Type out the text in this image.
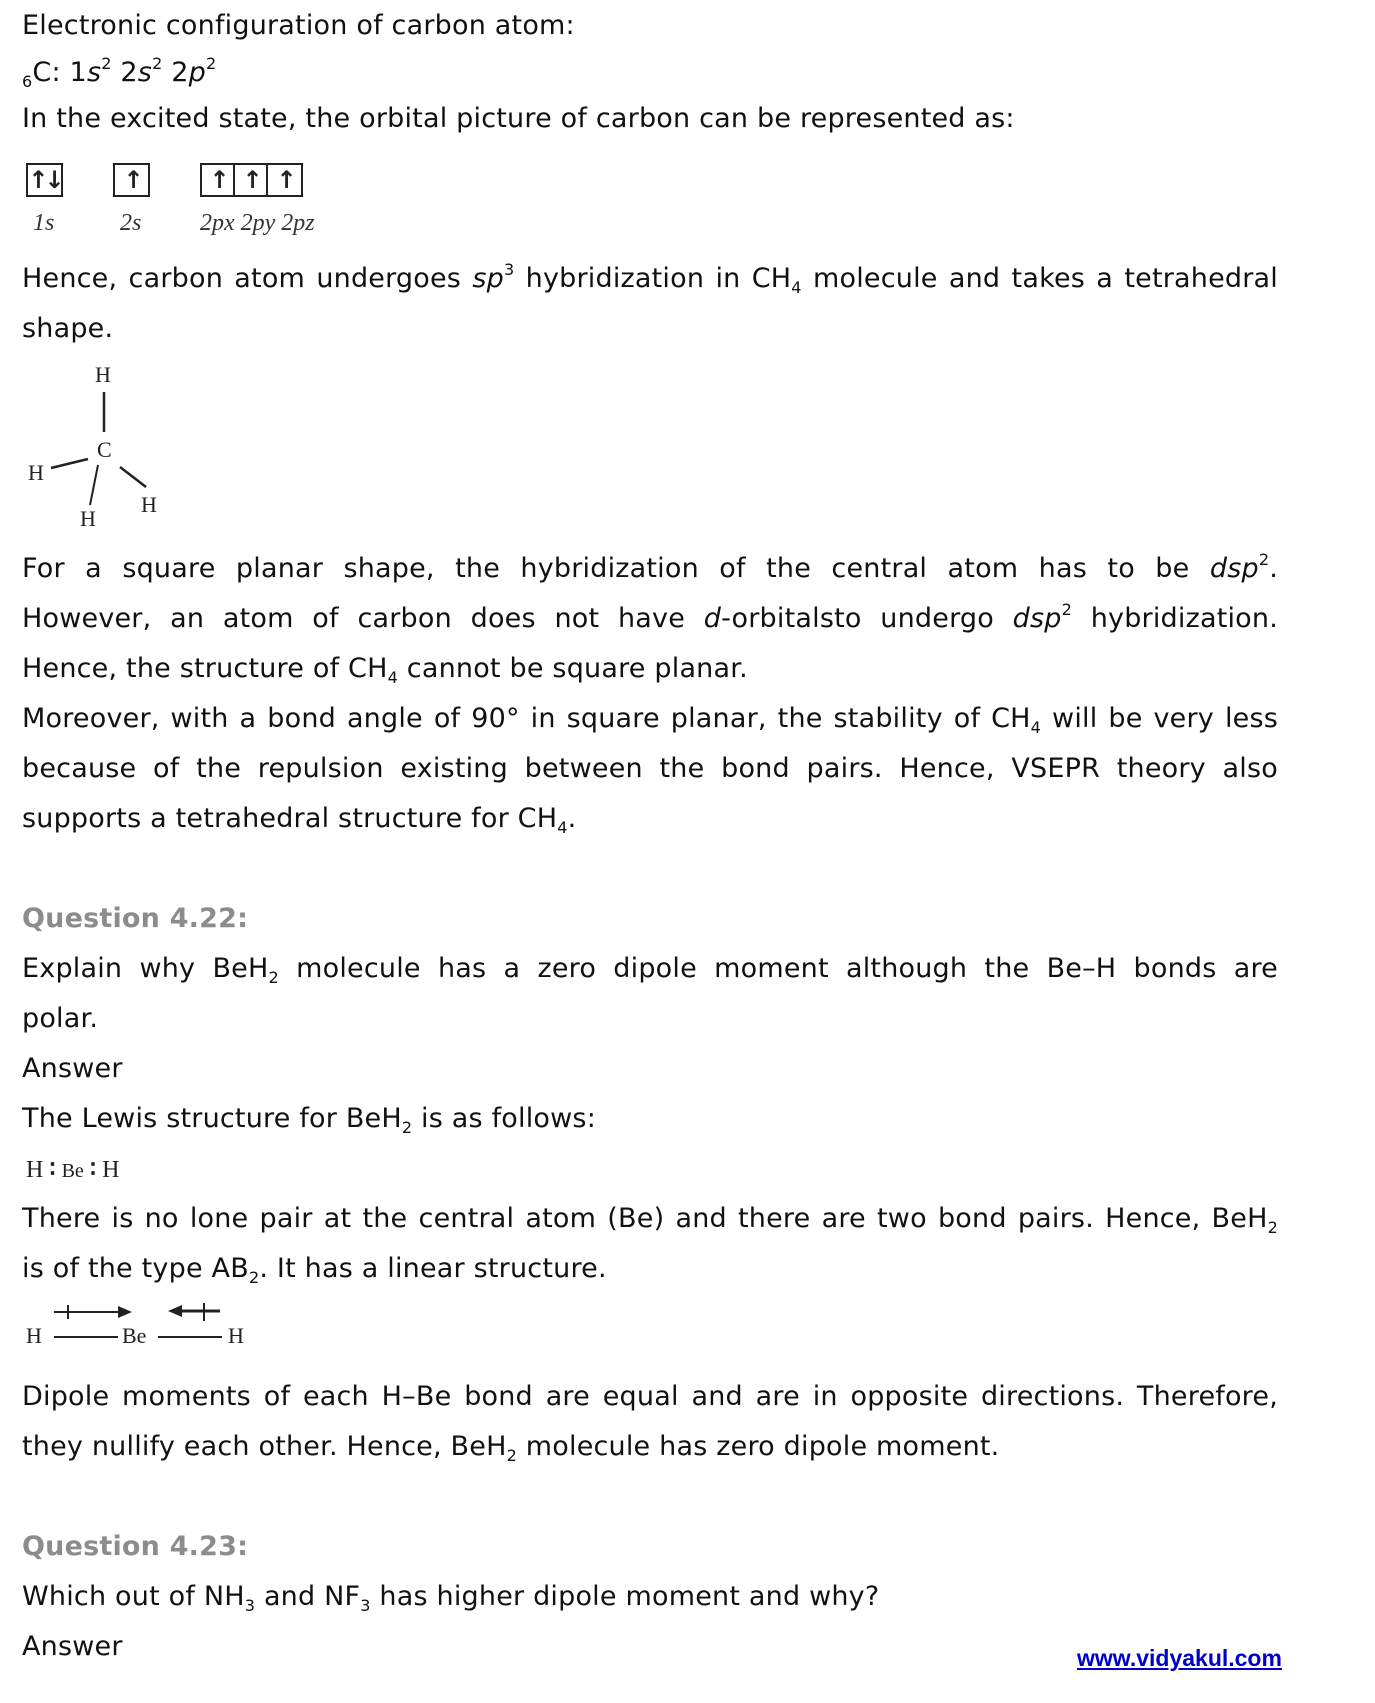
Electronic configuration of carbon atom:
$_6$C: $1s^2$ $2s^2$ $2p^2$
In the excited state, the orbital picture of carbon can be represented as:
↑↓	↑	↑ ↑ ↑
1s	2s 2px 2py 2pz
Hence, carbon atom undergoes $sp^3$ hybridization in $CH_4$ molecule and takes a tetrahedral
shape.
H
C
H
H
H
For a square planar shape, the hybridization of the central atom has to be dsp$^2$.
However, an atom of carbon does not have d-orbitalsto undergo dsp$^2$ hybridization.
Hence, the structure of $CH_4$ cannot be square planar.
Moreover, with a bond angle of 90° in square planar, the stability of $CH_4$ will be very less
because of the repulsion existing between the bond pairs. Hence, VSEPR theory also
supports a tetrahedral structure for $CH_4$.
Question 4.22:
Explain why BeH$_2$ molecule has a zero dipole moment although the Be–H bonds are
polar.
Answer
The Lewis structure for BeH$_2$ is as follows:
H ∶ Be ∶ H
There is no lone pair at the central atom (Be) and there are two bond pairs. Hence, BeH$_2$
is of the type $AB_2$. It has a linear structure.
H	Be	H
Dipole moments of each H–Be bond are equal and are in opposite directions. Therefore,
they nullify each other. Hence, BeH$_2$ molecule has zero dipole moment.
Question 4.23:
Which out of $NH_3$ and $NF_3$ has higher dipole moment and why?
Answer	www.vidyakul.com
